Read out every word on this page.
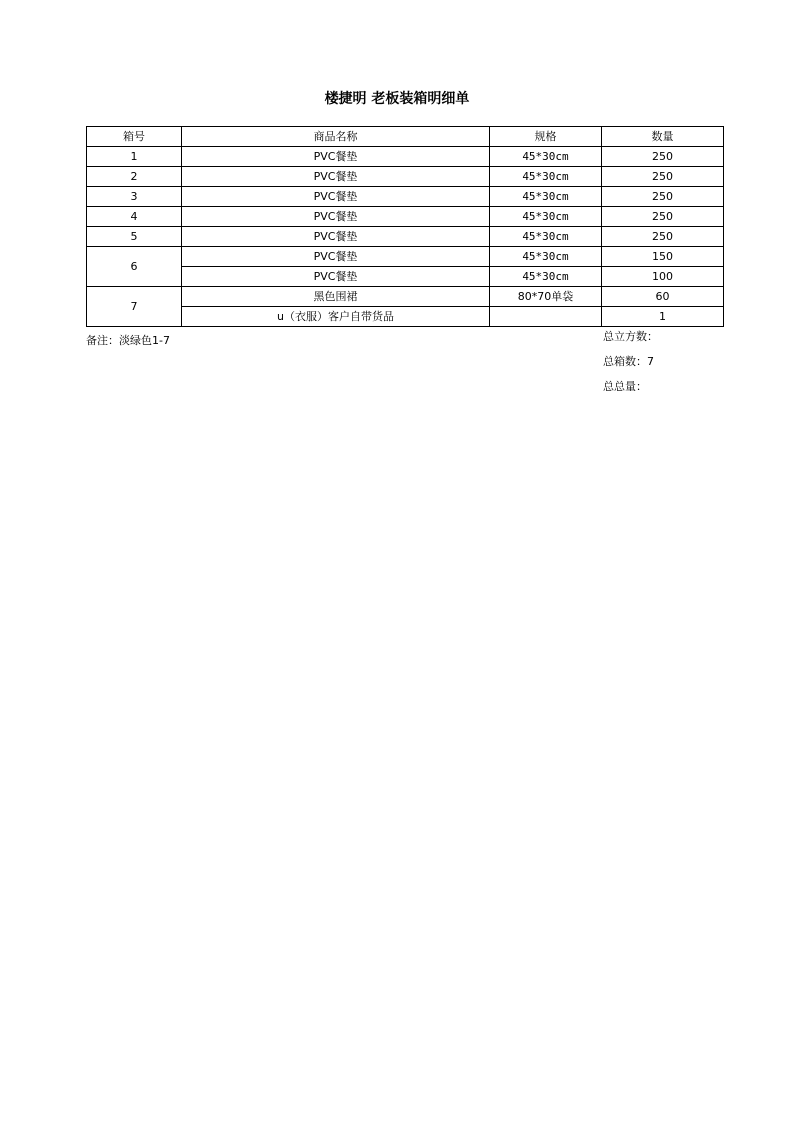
楼捷明 老板装箱明细单
箱号	商品名称	规格	数量
1	PVC餐垫	45*30cm	250
2	PVC餐垫	45*30cm	250
3	PVC餐垫	45*30cm	250
4	PVC餐垫	45*30cm	250
5	PVC餐垫	45*30cm	250
6	PVC餐垫	45*30cm	150
	PVC餐垫	45*30cm	100
7	黑色围裙	80*70单袋	60
	u（衣服）客户自带货品		1
备注：淡绿色1-7	总立方数：
总箱数：7
总总量：
